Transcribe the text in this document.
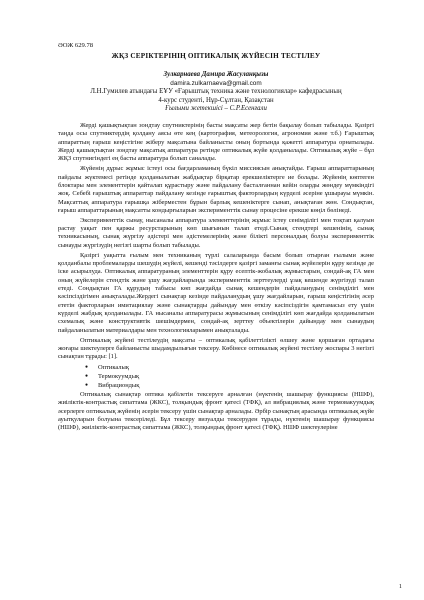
ӘОЖ 629.78
ЖҚЗ СЕРІКТЕРІНІҢ ОПТИКАЛЫҚ ЖҮЙЕСІН ТЕСТІЛЕУ
Зулкарнаева Дамира Жасуланқызы
damira.zulkarnaeva@gmail.com
Л.Н.Гумилев атындағы ЕҰУ «Ғарыштық техника және технологиялар» кафедрасының
4-курс студенті, Нұр-Сұлтан, Қазақстан
Ғылыми жетекшісі – С.Р.Есенғали

Жерді қашықтықтан зондтау спутниктерінің басты мақсаты жер бетін бақылау болып табылады. Қазіргі таңда осы спутниктердің қолдану аясы өте кең (картография, метеорология, агрономия және т.б.) Ғарыштық аппараттың ғарыш кеңістігіне жіберу мақсатына байланысты оның бортында қажетті аппаратура орнатылады. Жерді қашықтықтан зондтау мақсатық аппаратура ретінде оптикалық жүйе қолданылады. Оптикалық жүйе – бұл ЖҚЗ спутнигіндегі ең басты аппаратура болып саналады.

Жүйенің дұрыс жұмыс істеуі осы бағдарламаның бүкіл миссиясын анықтайды. Ғарыш аппараттарының пайдалы жүктемесі ретінде қолданылатын жабдықтар бірқатар ерекшеліктерге ие болады. Жүйенің көптеген блоктары мен элементтерін қайталап құрастыру және пайдалану басталғаннан кейін оларды жөндеу мүмкіндігі жоқ. Себебі ғарыштық аппараттар пайдалану кезінде ғарыштық факторлардың күрделі әсеріне ұшырауы мүмкін. Мақсаттық аппаратура ғарышқа жіберместен бұрын барлық кешеніктерге сынап, анықтаған жөн. Сондықтан, ғарыш аппараттарының мақсатты кондырғыларын эксперименттік сынау процесіне ерекше көңіл бөлінеді.

Эксперименттік сынау, нысаналы аппаратура элементтерінің жұмыс істеу сенімділігі мен тоқтап қалуын растау уақыт пен қаржы ресурстарының көп шығынын талап етеді.Сынақ стендтері кешенінің, сынақ техникасының, сынақ жүргізу әдістері мен әдістемелерінің және білікті персоналдың болуы эксперименттік сынауды жүргізудің негізгі шарты болып табылады.

Қазіргі уақытта ғылым мен техниканың түрлі салаларында басым болып отырған ғылыми және қолданбалы проблемаларды шешудің жүйелі, кешенді тәсілдерге қазіргі заманғы сынақ жүйелерін құру кезінде де іске асырылуда. Оптикалық аппаратураның элементтерін құру есептік-жобалық жұмыстарын, сондай-ақ ГА мен оның жүйелерін стендтік және ұшу жағдайларында эксперименттік зерттеулерді ұзақ кешенде жүргізуді талап етеді. Сондықтан ГА құрудың табысы көп жағдайда сынақ кешендерін пайдаланудың сенімділігі мен кәсіпсіздігімен анықталады.Жердегі сынақтар кезінде пайдаланудың ұшу жағдайларын, ғарыш кеңістігінің әсер ететін факторларын имитациялау және сынақтарды дайындау мен өткізу кәсіпсіздігін қамтамасыз ету үшін күрделі жабдық қолданылады. ГА нысаналы аппаратурасы жұмысының сенімділігі көп жағдайда қолданылатын схемалық және конструктивтік шешімдермен, сондай-ақ зерттеу объектілерін дайындау мен сынаудың пайдаланылатын материалдары мен технологияларымен анықталады.

Оптикалық жүйені тестілеудің мақсаты – оптикалық қабілеттілікті өлшеу және қоршаған ортадағы жоғары шектеулерге байланысты шыдамдылығын тексеру. Көбінесе оптикалық жүйені тестілеу жоспары 3 негізгі сынақтан тұрады: [1].

● Оптикалық
● Термокуумдық
● Вибрациондық

Оптикалық сынақтар оптика қабілетін тексеруге арналған (нүктенің шашырау функциясы (НШФ), жиіліктік-контрастық сипаттама (ЖКС), толқындық фронт қатесі (ТФҚ), ал вибрациялық және термовакуумдық әсерлерге оптикалық жүйенің әсерін тексеру үшін сынақтар арналады. Әрбір сынақтың арасында оптикалық жүйе ауытқуларын болуына тексеріледі. Бұл тексеру визуалды тексеруден тұрады, нүктенің шашырау функциясы (НШФ), жиіліктік-контрастық сипаттама (ЖКС), толқындық фронт қатесі (ТФҚ). НШФ шектеулеріне

1
